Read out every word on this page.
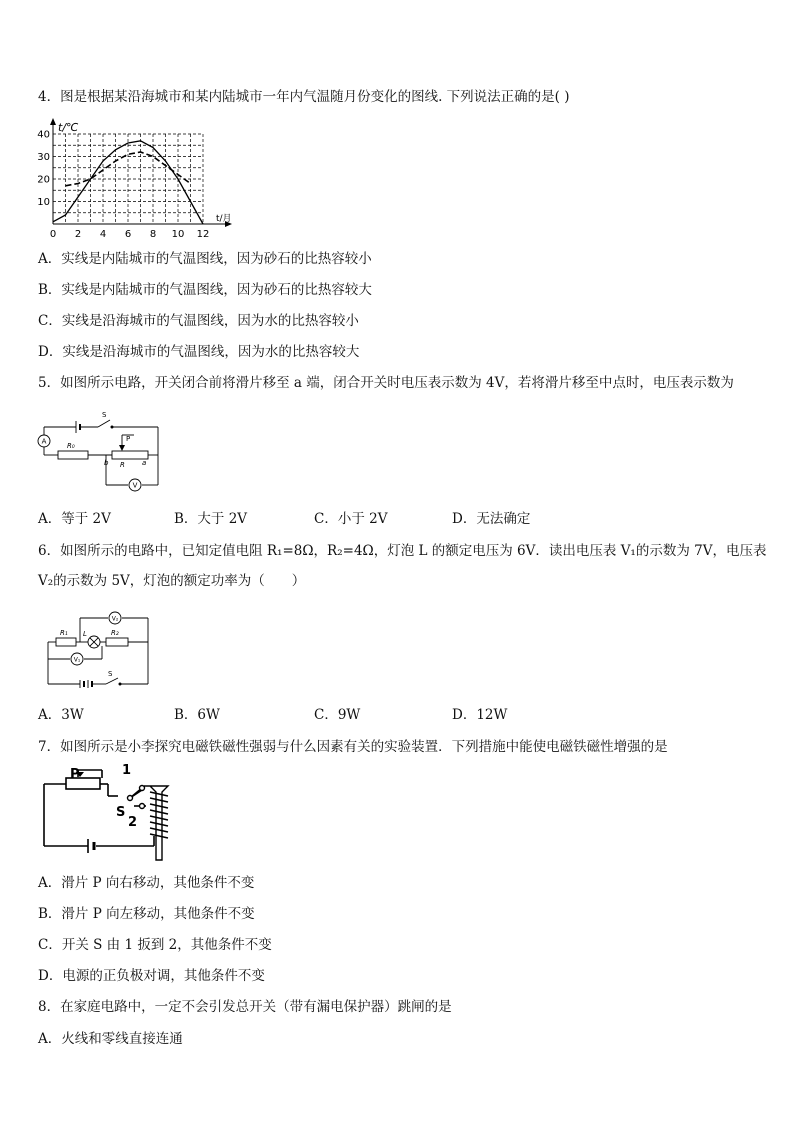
4．图是根据某沿海城市和某内陆城市一年内气温随月份变化的图线. 下列说法正确的是( )
t/℃
t/月
0 2 4 6 8 10 12
10
20
30
40
A．实线是内陆城市的气温图线，因为砂石的比热容较小
B．实线是内陆城市的气温图线，因为砂石的比热容较大
C．实线是沿海城市的气温图线，因为水的比热容较小
D．实线是沿海城市的气温图线，因为水的比热容较大
5．如图所示电路，开关闭合前将滑片移至 a 端，闭合开关时电压表示数为 4V，若将滑片移至中点时，电压表示数为
A
S
R₀
P
b R a
V
A．等于 2V	B．大于 2V	C．小于 2V	D．无法确定
6．如图所示的电路中，已知定值电阻 R₁=8Ω，R₂=4Ω，灯泡 L 的额定电压为 6V．读出电压表 V₁的示数为 7V，电压表
V₂的示数为 5V，灯泡的额定功率为（　　）
R₁ L	R₂
V₂
V₁
S
A．3W	B．6W	C．9W	D．12W
7．如图所示是小李探究电磁铁磁性强弱与什么因素有关的实验装置．下列措施中能使电磁铁磁性增强的是
P	1
S
2
A．滑片 P 向右移动，其他条件不变
B．滑片 P 向左移动，其他条件不变
C．开关 S 由 1 扳到 2，其他条件不变
D．电源的正负极对调，其他条件不变
8．在家庭电路中，一定不会引发总开关（带有漏电保护器）跳闸的是
A．火线和零线直接连通
